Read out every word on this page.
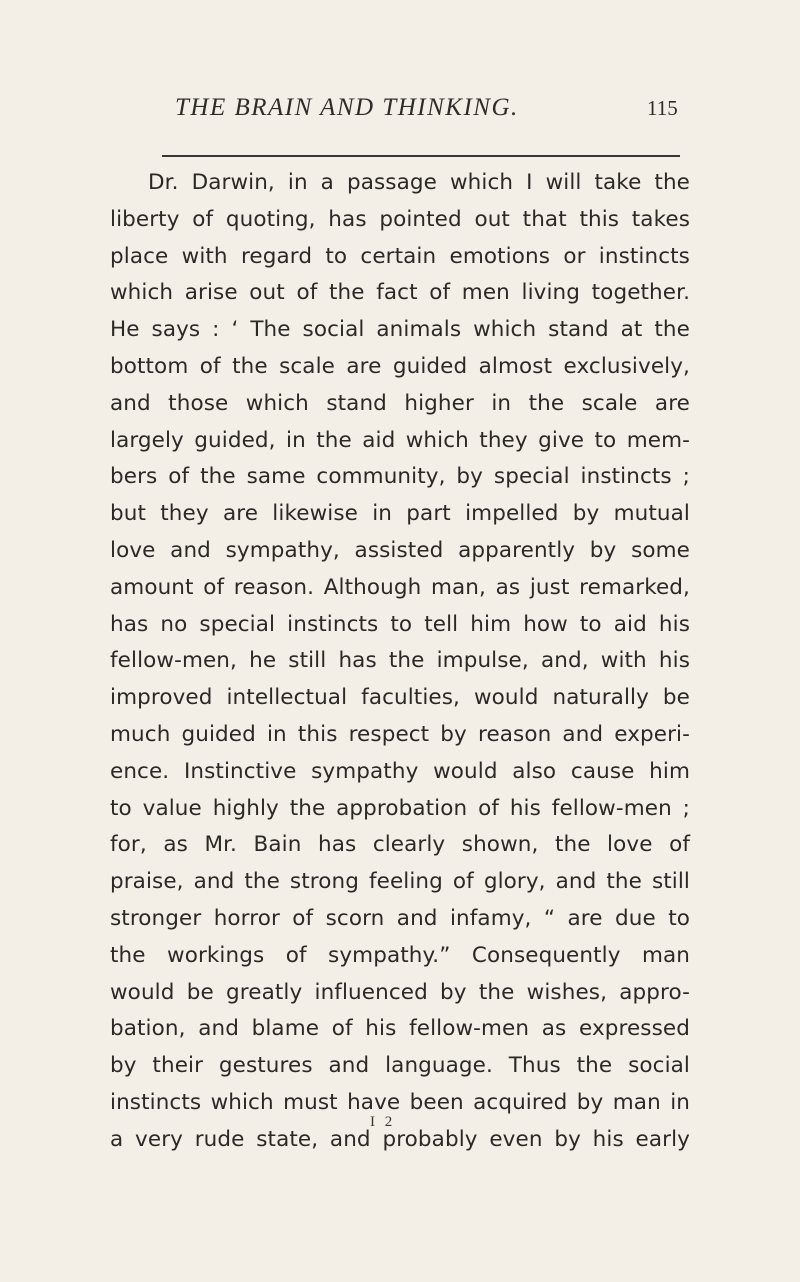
THE BRAIN AND THINKING.	115
Dr. Darwin, in a passage which I will take the
liberty of quoting, has pointed out that this takes
place with regard to certain emotions or instincts
which arise out of the fact of men living together.
He says : ‘ The social animals which stand at the
bottom of the scale are guided almost exclusively,
and those which stand higher in the scale are
largely guided, in the aid which they give to mem-
bers of the same community, by special instincts ;
but they are likewise in part impelled by mutual
love and sympathy, assisted apparently by some
amount of reason. Although man, as just remarked,
has no special instincts to tell him how to aid his
fellow-men, he still has the impulse, and, with his
improved intellectual faculties, would naturally be
much guided in this respect by reason and experi-
ence. Instinctive sympathy would also cause him
to value highly the approbation of his fellow-men ;
for, as Mr. Bain has clearly shown, the love of
praise, and the strong feeling of glory, and the still
stronger horror of scorn and infamy, “ are due to
the workings of sympathy.” Consequently man
would be greatly influenced by the wishes, appro-
bation, and blame of his fellow-men as expressed
by their gestures and language. Thus the social
instincts which must have been acquired by man in
a very rude state, and probably even by his early
I 2
